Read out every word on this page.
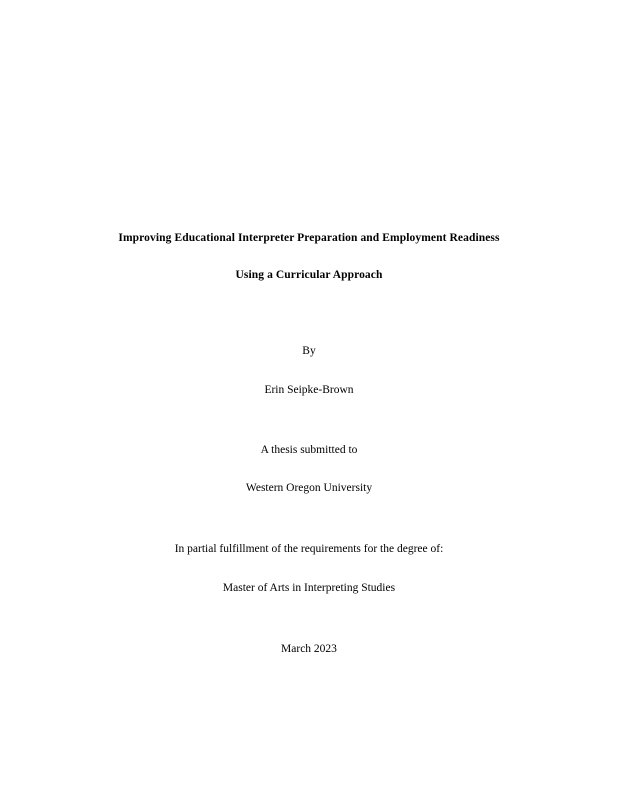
Improving Educational Interpreter Preparation and Employment Readiness
Using a Curricular Approach
By
Erin Seipke-Brown
A thesis submitted to
Western Oregon University
In partial fulfillment of the requirements for the degree of:
Master of Arts in Interpreting Studies
March 2023
